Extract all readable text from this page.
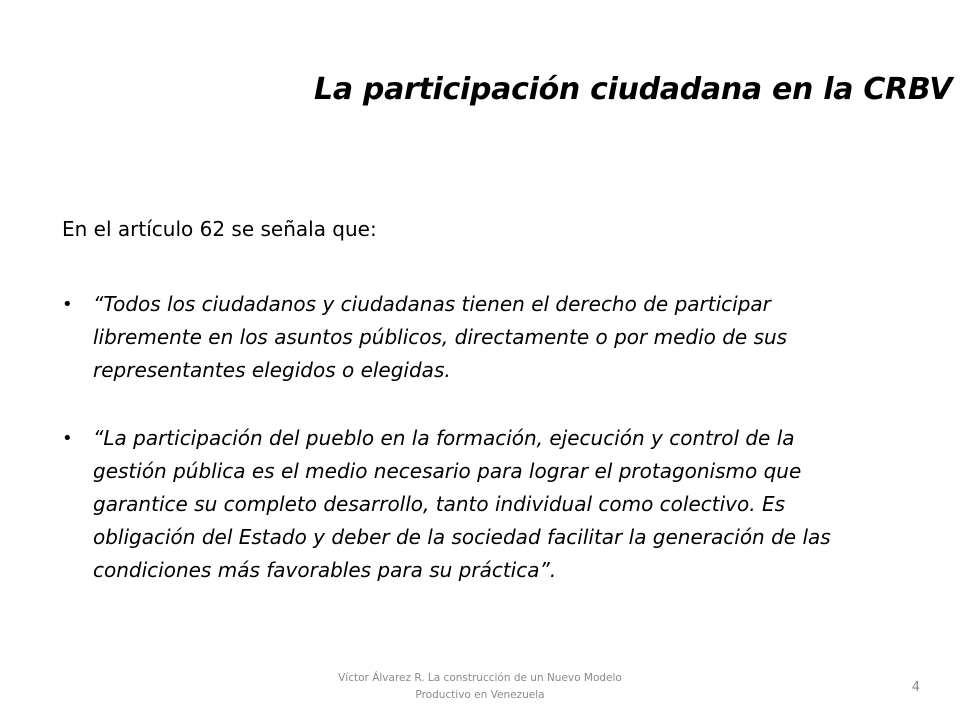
La participación ciudadana en la CRBV
En el artículo 62 se señala que:
• “Todos los ciudadanos y ciudadanas tienen el derecho de participar
libremente en los asuntos públicos, directamente o por medio de sus
representantes elegidos o elegidas.
• “La participación del pueblo en la formación, ejecución y control de la
gestión pública es el medio necesario para lograr el protagonismo que
garantice su completo desarrollo, tanto individual como colectivo. Es
obligación del Estado y deber de la sociedad facilitar la generación de las
condiciones más favorables para su práctica”.
Víctor Álvarez R. La construcción de un Nuevo Modelo
Productivo en Venezuela	4
